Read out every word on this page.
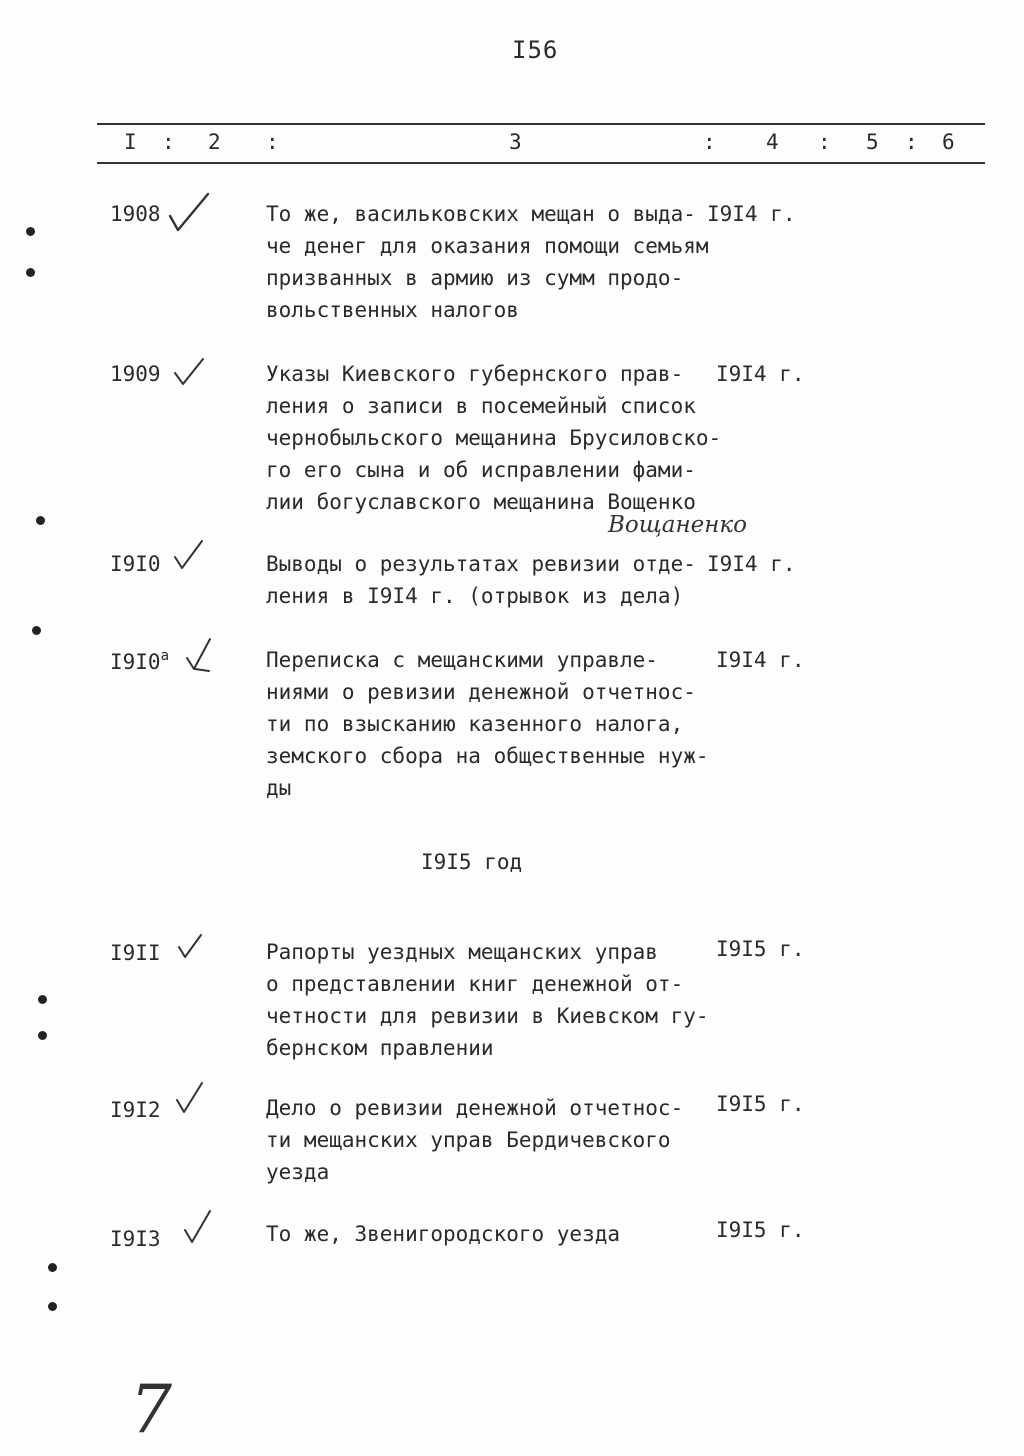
I56
I : 2 :	3	: 4 : 5 : 6
1908	То же, васильковских мещан о выда-
че денег для оказания помощи семьям
призванных в армию из сумм продо-
вольственных налогов
I9I4 г.
1909	Указы Киевского губернского прав-
ления о записи в посемейный список
чернобыльского мещанина Брусиловско-
го его сына и об исправлении фами-
лии богуславского мещанина Вощенко
I9I4 г.
Вощаненко
I9I0	Выводы о результатах ревизии отде-
ления в I9I4 г. (отрывок из дела)
I9I4 г.
I9I0$^a$	Переписка с мещанскими управле-
ниями о ревизии денежной отчетнос-
ти по взысканию казенного налога,
земского сбора на общественные нуж-
ды
I9I4 г.
I9I5 год
I9II	Рапорты уездных мещанских управ
о представлении книг денежной от-
четности для ревизии в Киевском гу-
бернском правлении
I9I5 г.
I9I2	Дело о ревизии денежной отчетнос-
ти мещанских управ Бердичевского
уезда
I9I5 г.
I9I3	То же, Звенигородского уезда	I9I5 г.
7
